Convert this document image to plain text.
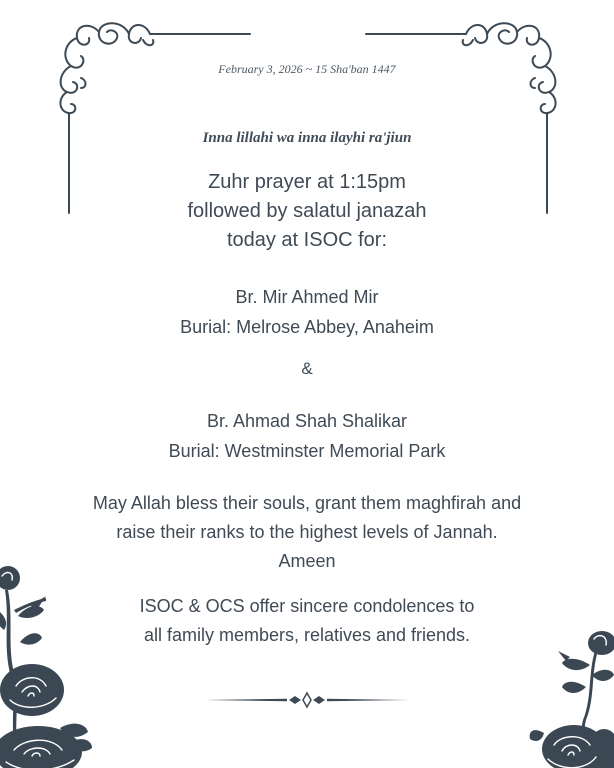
February 3, 2026 ~ 15 Sha'ban 1447
Inna lillahi wa inna ilayhi ra'jiun
Zuhr prayer at 1:15pm
followed by salatul janazah
today at ISOC for:
Br. Mir Ahmed Mir
Burial: Melrose Abbey, Anaheim
&
Br. Ahmad Shah Shalikar
Burial: Westminster Memorial Park
May Allah bless their souls, grant them maghfirah and
raise their ranks to the highest levels of Jannah.
Ameen
ISOC & OCS offer sincere condolences to
all family members, relatives and friends.
